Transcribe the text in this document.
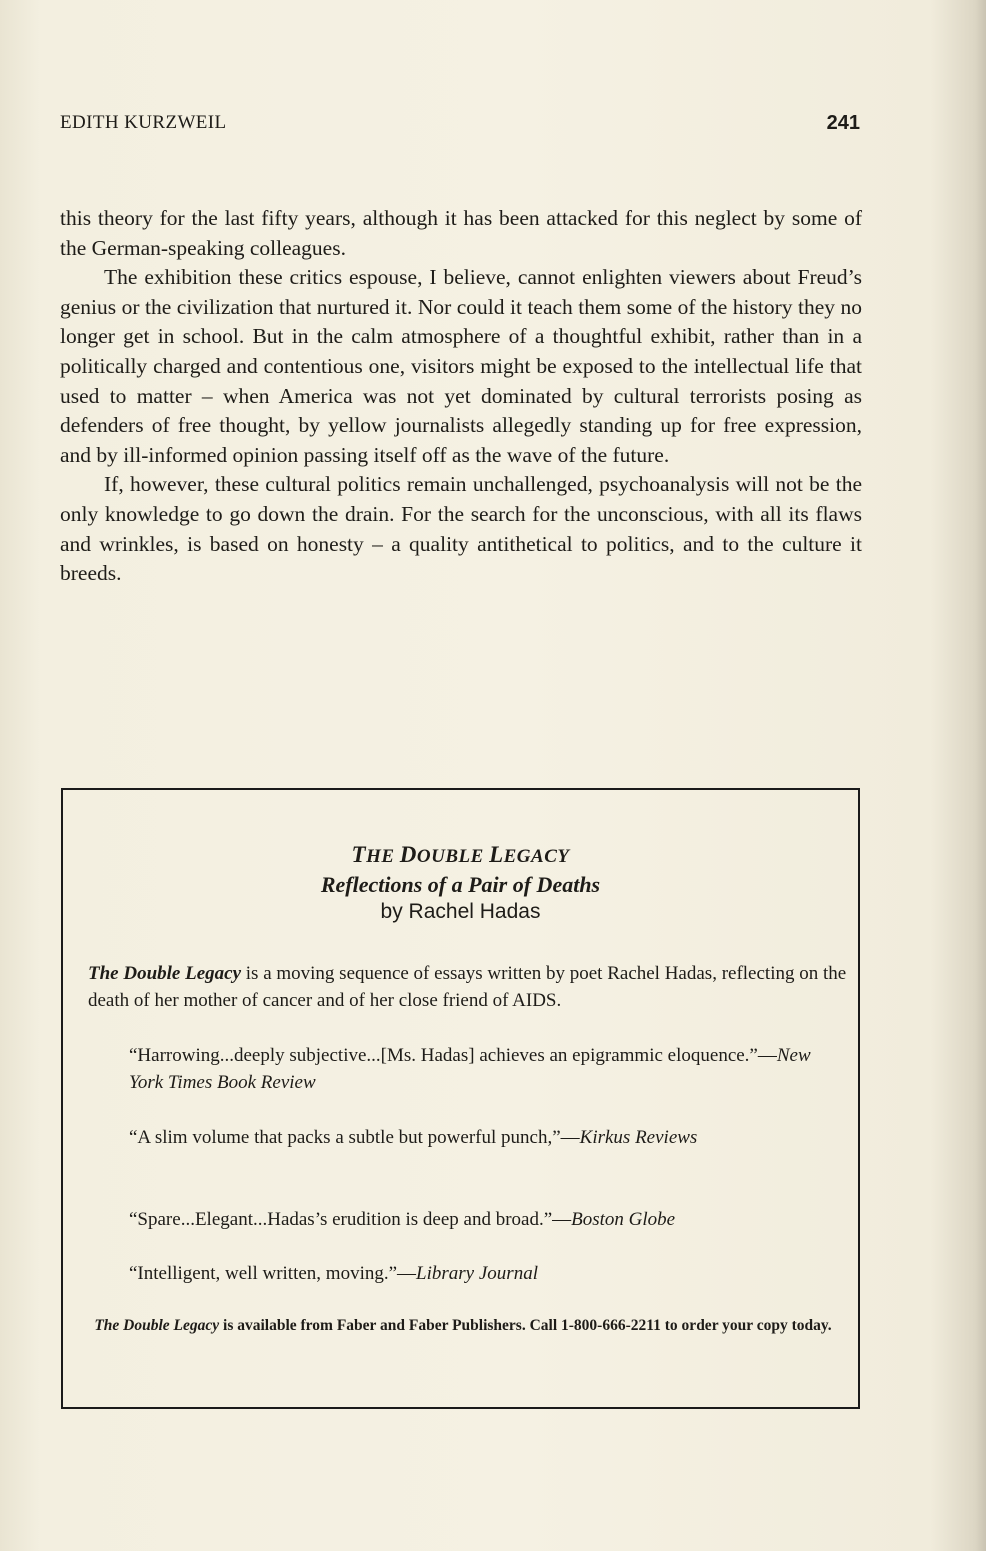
EDITH KURZWEIL	241

this theory for the last fifty years, although it has been attacked for this neglect by some of the German-speaking colleagues.

The exhibition these critics espouse, I believe, cannot enlighten viewers about Freud’s genius or the civilization that nurtured it. Nor could it teach them some of the history they no longer get in school. But in the calm atmosphere of a thoughtful exhibit, rather than in a politically charged and contentious one, visitors might be exposed to the intellectual life that used to matter – when America was not yet dominated by cultural terrorists posing as defenders of free thought, by yellow journalists allegedly standing up for free expression, and by ill-informed opinion passing itself off as the wave of the future.

If, however, these cultural politics remain unchallenged, psychoanalysis will not be the only knowledge to go down the drain. For the search for the unconscious, with all its flaws and wrinkles, is based on honesty – a quality antithetical to politics, and to the culture it breeds.

THE DOUBLE LEGACY
Reflections of a Pair of Deaths
by Rachel Hadas
The Double Legacy is a moving sequence of essays written by poet Rachel Hadas, reflecting on the death of her mother of cancer and of her close friend of AIDS.
“Harrowing...deeply subjective...[Ms. Hadas] achieves an epigrammic eloquence.”—New York Times Book Review
“A slim volume that packs a subtle but powerful punch,”—Kirkus Reviews
“Spare...Elegant...Hadas’s erudition is deep and broad.”—Boston Globe
“Intelligent, well written, moving.”—Library Journal
The Double Legacy is available from Faber and Faber Publishers. Call 1-800-666-2211 to order your copy today.
